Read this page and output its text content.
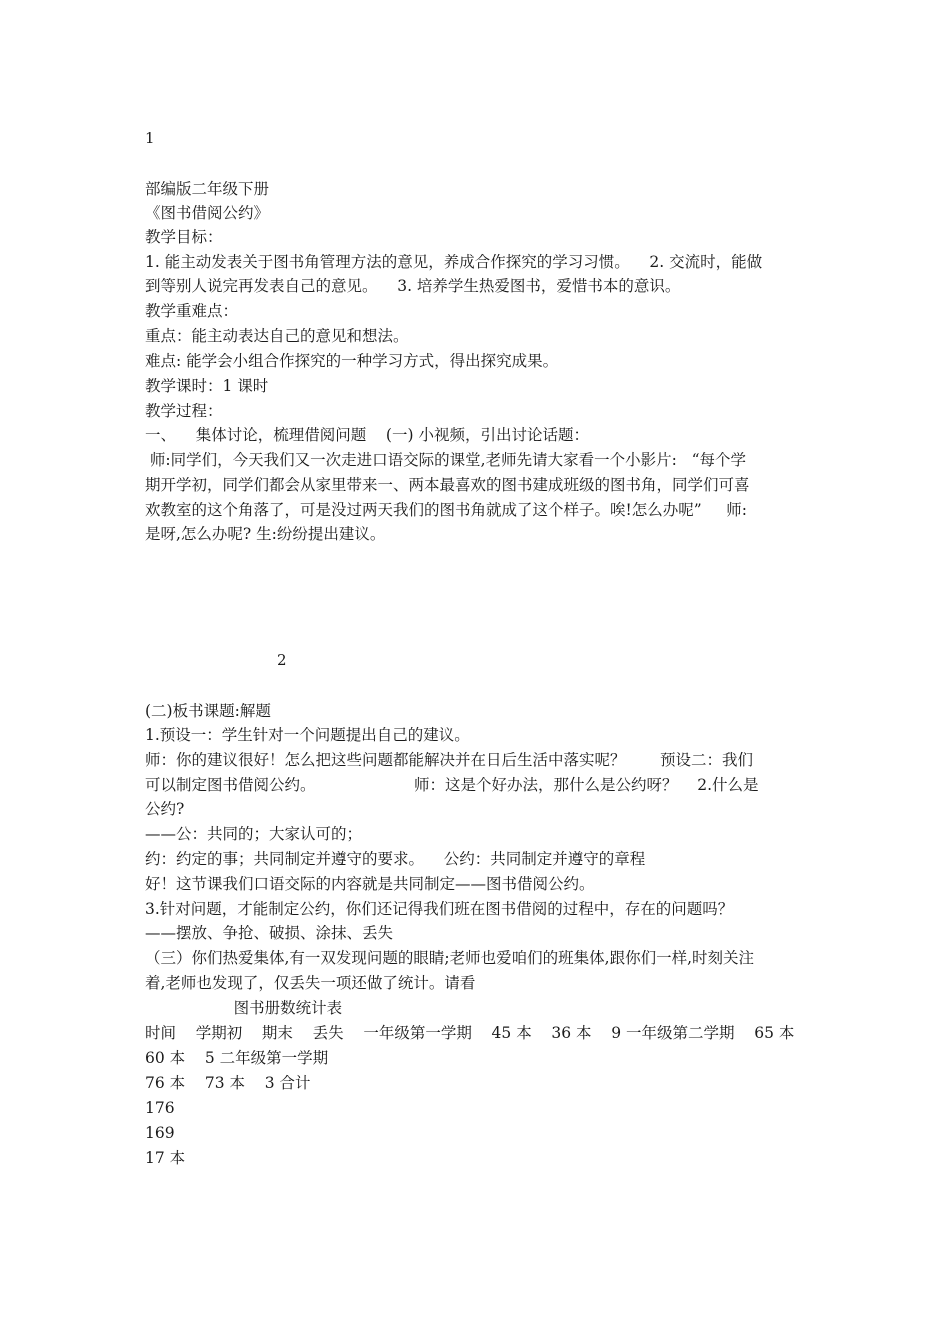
1

部编版二年级下册

《图书借阅公约》

教学目标：

1. 能主动发表关于图书角管理方法的意见，养成合作探究的学习习惯。    2. 交流时，能做

到等别人说完再发表自己的意见。    3. 培养学生热爱图书，爱惜书本的意识。

教学重难点：

重点：能主动表达自己的意见和想法。

难点: 能学会小组合作探究的一种学习方式，得出探究成果。

教学课时：1 课时

教学过程：

一、    集体讨论，梳理借阅问题    (一) 小视频，引出讨论话题：

师:同学们，今天我们又一次走进口语交际的课堂,老师先请大家看一个小影片:   “每个学

期开学初，同学们都会从家里带来一、两本最喜欢的图书建成班级的图书角，同学们可喜

欢教室的这个角落了，可是没过两天我们的图书角就成了这个样子。唉!怎么办呢”     师:

是呀,怎么办呢? 生:纷纷提出建议。

2

(二)板书课题:解题

1.预设一：学生针对一个问题提出自己的建议。

师：你的建议很好！怎么把这些问题都能解决并在日后生活中落实呢？       预设二：我们

可以制定图书借阅公约。                    师：这是个好办法，那什么是公约呀？    2.什么是

公约?

——公：共同的；大家认可的；

约：约定的事；共同制定并遵守的要求。    公约：共同制定并遵守的章程

好！这节课我们口语交际的内容就是共同制定——图书借阅公约。

3.针对问题，才能制定公约，你们还记得我们班在图书借阅的过程中，存在的问题吗？

——摆放、争抢、破损、涂抹、丢失

（三）你们热爱集体,有一双发现问题的眼睛;老师也爱咱们的班集体,跟你们一样,时刻关注

着,老师也发现了，仅丢失一项还做了统计。请看

图书册数统计表

时间    学期初    期末    丢失    一年级第一学期    45 本    36 本    9 一年级第二学期    65 本

60 本    5 二年级第一学期

76 本    73 本    3 合计

176

169

17 本
